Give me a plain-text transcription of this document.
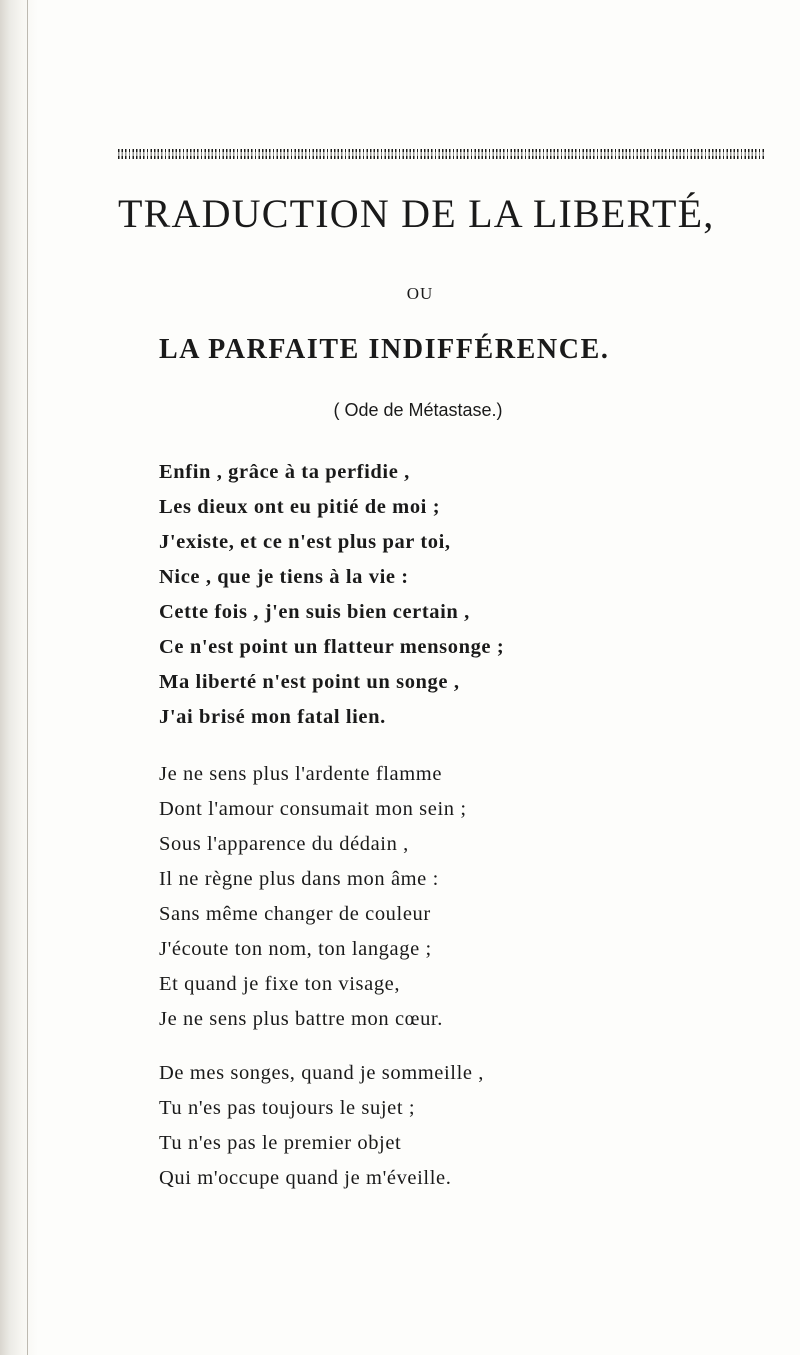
TRADUCTION DE LA LIBERTÉ,
OU
LA PARFAITE INDIFFÉRENCE.
( Ode de Métastase.)
Enfin , grâce à ta perfidie ,
Les dieux ont eu pitié de moi ;
J'existe, et ce n'est plus par toi,
Nice , que je tiens à la vie :
Cette fois , j'en suis bien certain ,
Ce n'est point un flatteur mensonge ;
Ma liberté n'est point un songe ,
J'ai brisé mon fatal lien.
Je ne sens plus l'ardente flamme
Dont l'amour consumait mon sein ;
Sous l'apparence du dédain ,
Il ne règne plus dans mon âme :
Sans même changer de couleur
J'écoute ton nom, ton langage ;
Et quand je fixe ton visage,
Je ne sens plus battre mon cœur.
De mes songes, quand je sommeille ,
Tu n'es pas toujours le sujet ;
Tu n'es pas le premier objet
Qui m'occupe quand je m'éveille.
